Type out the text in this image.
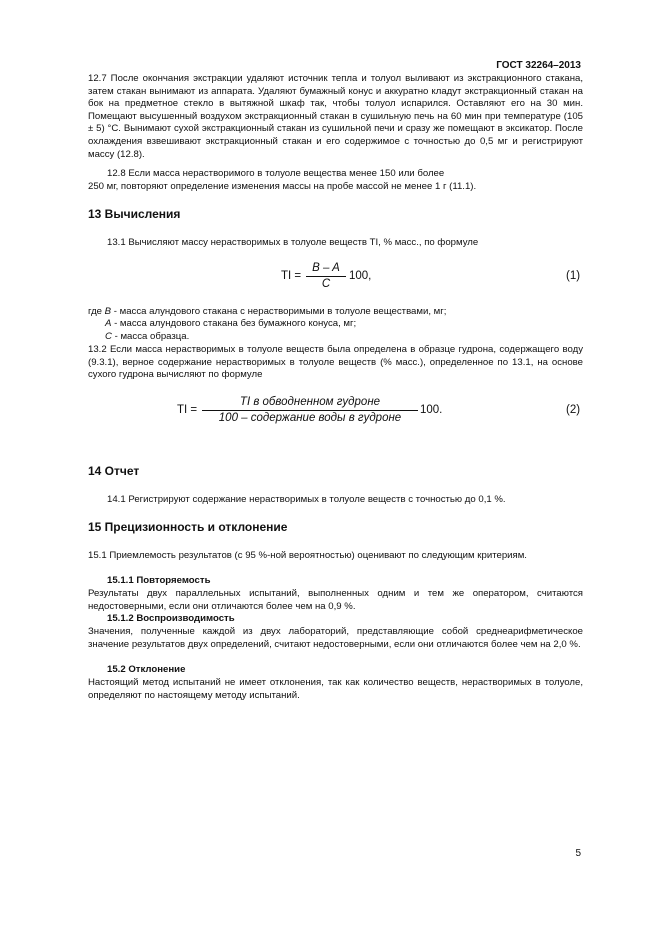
ГОСТ 32264–2013
12.7 После окончания экстракции удаляют источник тепла и толуол выливают из экстракционного стакана, затем стакан вынимают из аппарата. Удаляют бумажный конус и аккуратно кладут экстракционный стакан на бок на предметное стекло в вытяжной шкаф так, чтобы толуол испарился. Оставляют его на 30 мин. Помещают высушенный воздухом экстракционный стакан в сушильную печь на 60 мин при температуре (105 ± 5) °С. Вынимают сухой экстракционный стакан из сушильной печи и сразу же помещают в эксикатор. После охлаждения взвешивают экстракционный стакан и его содержимое с точностью до 0,5 мг и регистрируют массу (12.8).
12.8 Если масса нерастворимого в толуоле вещества менее 150 или более
250 мг, повторяют определение изменения массы на пробе массой не менее 1 г (11.1).
13 Вычисления
13.1 Вычисляют массу нерастворимых в толуоле веществ TI, % масс., по формуле
TI =
B – A
C
100,	(1)
где B - масса алундового стакана с нерастворимыми в толуоле веществами, мг;
A - масса алундового стакана без бумажного конуса, мг;
C - масса образца.
13.2 Если масса нерастворимых в толуоле веществ была определена в образце гудрона, содержащего воду (9.3.1), верное содержание нерастворимых в толуоле веществ (% масс.), определенное по 13.1, на основе сухого гудрона вычисляют по формуле
TI =
TI в обводненном гудроне
100 – содержание воды в гудроне
100.	(2)
14 Отчет
14.1 Регистрируют содержание нерастворимых в толуоле веществ с точностью до 0,1 %.
15 Прецизионность и отклонение
15.1 Приемлемость результатов (с 95 %-ной вероятностью) оценивают по следующим критериям.
15.1.1 Повторяемость
Результаты двух параллельных испытаний, выполненных одним и тем же оператором, считаются недостоверными, если они отличаются более чем на 0,9 %.
15.1.2 Воспроизводимость
Значения, полученные каждой из двух лабораторий, представляющие собой среднеарифметическое значение результатов двух определений, считают недостоверными, если они отличаются более чем на 2,0 %.
15.2 Отклонение
Настоящий метод испытаний не имеет отклонения, так как количество веществ, нерастворимых в толуоле, определяют по настоящему методу испытаний.
5
